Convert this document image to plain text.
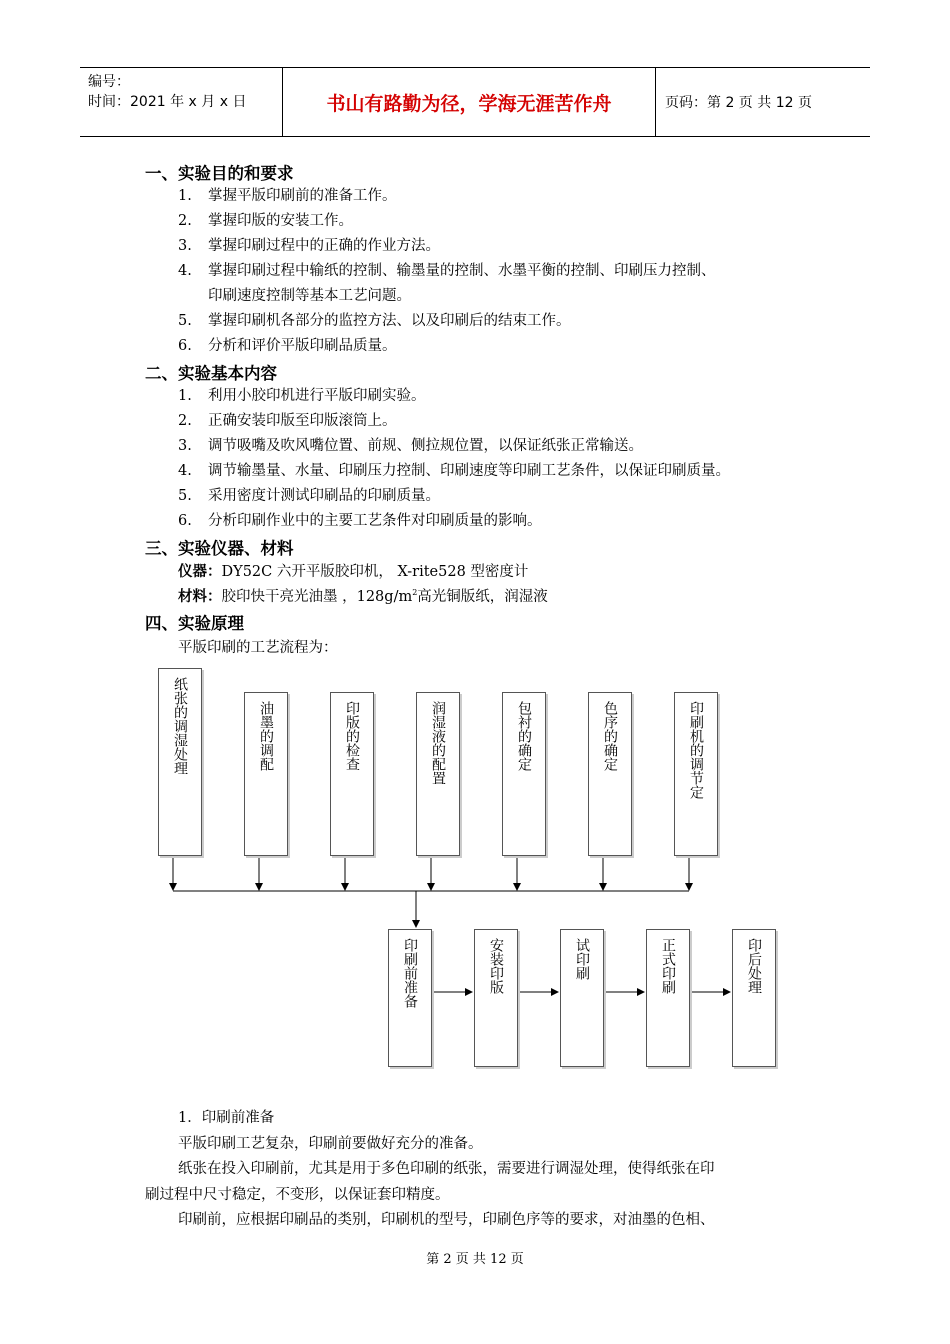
编号：
时间：2021 年 x 月 x 日	书山有路勤为径，学海无涯苦作舟	页码：第 2 页 共 12 页
一、实验目的和要求
1. 掌握平版印刷前的准备工作。
2. 掌握印版的安装工作。
3. 掌握印刷过程中的正确的作业方法。
4. 掌握印刷过程中输纸的控制、输墨量的控制、水墨平衡的控制、印刷压力控制、
印刷速度控制等基本工艺问题。
5. 掌握印刷机各部分的监控方法、以及印刷后的结束工作。
6. 分析和评价平版印刷品质量。
二、实验基本内容
1. 利用小胶印机进行平版印刷实验。
2. 正确安装印版至印版滚筒上。
3. 调节吸嘴及吹风嘴位置、前规、侧拉规位置，以保证纸张正常输送。
4. 调节输墨量、水量、印刷压力控制、印刷速度等印刷工艺条件，以保证印刷质量。
5. 采用密度计测试印刷品的印刷质量。
6. 分析印刷作业中的主要工艺条件对印刷质量的影响。
三、实验仪器、材料
仪器：DY52C 六开平版胶印机， X-rite528 型密度计
材料：胶印快干亮光油墨 ，$128g/m^2$高光铜版纸，润湿液
四、实验原理
平版印刷的工艺流程为：
纸张的调湿处理	油墨的调配	印版的检查	润湿液的配置	包衬的确定	色序的确定	印刷机的调节定
印刷前准备	安装印版	试印刷	正式印刷	印后处理
1．印刷前准备
平版印刷工艺复杂，印刷前要做好充分的准备。
纸张在投入印刷前，尤其是用于多色印刷的纸张，需要进行调湿处理，使得纸张在印
刷过程中尺寸稳定，不变形，以保证套印精度。
印刷前，应根据印刷品的类别，印刷机的型号，印刷色序等的要求，对油墨的色相、
第 2 页 共 12 页
